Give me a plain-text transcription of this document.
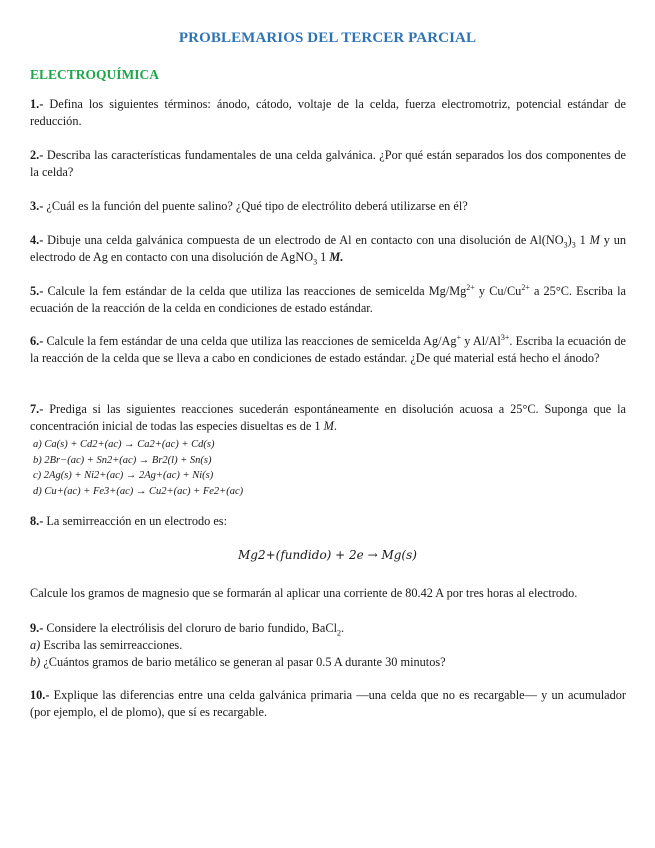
PROBLEMARIOS DEL TERCER PARCIAL
ELECTROQUÍMICA
1.- Defina los siguientes términos: ánodo, cátodo, voltaje de la celda, fuerza electromotriz, potencial estándar de reducción.
2.- Describa las características fundamentales de una celda galvánica. ¿Por qué están separados los dos componentes de la celda?
3.- ¿Cuál es la función del puente salino? ¿Qué tipo de electrólito deberá utilizarse en él?
4.- Dibuje una celda galvánica compuesta de un electrodo de Al en contacto con una disolución de $Al(NO_3)_3$ 1 M y un electrodo de Ag en contacto con una disolución de AgNO$_3$ 1 M.
5.- Calcule la fem estándar de la celda que utiliza las reacciones de semicelda $Mg/Mg^{2+}$ y $Cu/Cu^{2+}$ a 25°C. Escriba la ecuación de la reacción de la celda en condiciones de estado estándar.
6.- Calcule la fem estándar de una celda que utiliza las reacciones de semicelda Ag/Ag+ y $Al/Al^{3+}$. Escriba la ecuación de la reacción de la celda que se lleva a cabo en condiciones de estado estándar. ¿De qué material está hecho el ánodo?
7.- Prediga si las siguientes reacciones sucederán espontáneamente en disolución acuosa a 25°C. Suponga que la concentración inicial de todas las especies disueltas es de 1 M.
a) Ca(s) + Cd2+(ac) → Ca2+(ac) + Cd(s)
b) 2Br−(ac) + Sn2+(ac) → Br2(l) + Sn(s)
c) 2Ag(s) + Ni2+(ac) → 2Ag+(ac) + Ni(s)
d) Cu+(ac) + Fe3+(ac) → Cu2+(ac) + Fe2+(ac)
8.- La semirreacción en un electrodo es:
Mg2+(fundido) + 2e → Mg(s)
Calcule los gramos de magnesio que se formarán al aplicar una corriente de 80.42 A por tres horas al electrodo.
9.- Considere la electrólisis del cloruro de bario fundido, BaCl$_2$.
a) Escriba las semirreacciones.
b) ¿Cuántos gramos de bario metálico se generan al pasar 0.5 A durante 30 minutos?
10.- Explique las diferencias entre una celda galvánica primaria —una celda que no es recargable— y un acumulador (por ejemplo, el de plomo), que sí es recargable.
